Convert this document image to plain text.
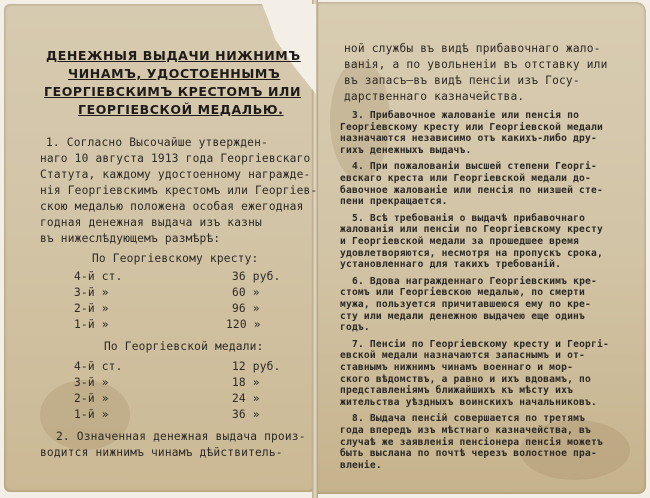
ДЕНЕЖНЫЯ ВЫДАЧИ НИЖНИМЪ
ЧИНАМЪ, УДОСТОЕННЫМЪ
ГЕОРГІЕВСКИМЪ КРЕСТОМЪ ИЛИ
ГЕОРГІЕВСКОЙ МЕДАЛЬЮ.
1. Согласно Высочайше утвержден-
наго 10 августа 1913 года Георгіевскаго
Статута, каждому удостоенному награжде-
нія Георгіевскимъ крестомъ или Георгіев-
скою медалью положена особая ежегодная
годная денежная выдача изъ казны
въ нижеслѣдующемъ размѣрѣ:
По Георгіевскому кресту:
4-й ст.	36 руб.
3-й »	60 »
2-й »	96 »
1-й »	120 »
По Георгіевской медали:
4-й ст.	12 руб.
3-й »	18 »
2-й »	24 »
1-й »	36 »
2. Означенная денежная выдача произ-
водится нижнимъ чинамъ дѣйствитель-
ной службы въ видѣ прибавочнаго жало-
ванія, а по увольненіи въ отставку или
въ запасъ—въ видѣ пенсіи изъ Госу-
дарственнаго казначейства.
3. Прибавочное жалованіе или пенсія по
Георгіевскому кресту или Георгіевской медали
назначаются независимо отъ какихъ-либо дру-
гихъ денежныхъ выдачъ.
4. При пожалованіи высшей степени Георгі-
евскаго креста или Георгіевской медали до-
бавочное жалованіе или пенсія по низшей сте-
пени прекращается.
5. Всѣ требованія о выдачѣ прибавочнаго
жалованія или пенсіи по Георгіевскому кресту
и Георгіевской медали за прошедшее время
удовлетворяются, несмотря на пропускъ срока,
установленнаго для такихъ требованій.
6. Вдова награжденнаго Георгіевскимъ кре-
стомъ или Георгіевскою медалью, по смерти
мужа, пользуется причитавшеюся ему по кре-
сту или медали денежною выдачею еще одинъ
годъ.
7. Пенсіи по Георгіевскому кресту и Георгі-
евской медали назначаются запаснымъ и от-
ставнымъ нижнимъ чинамъ военнаго и мор-
ского вѣдомствъ, а равно и ихъ вдовамъ, по
представленіямъ ближайшихъ къ мѣсту ихъ
жительства уѣздныхъ воинскихъ начальниковъ.
8. Выдача пенсій совершается по третямъ
года впередъ изъ мѣстнаго казначейства, въ
случаѣ же заявленія пенсіонера пенсія можетъ
быть выслана по почтѣ черезъ волостное пра-
вленіе.
